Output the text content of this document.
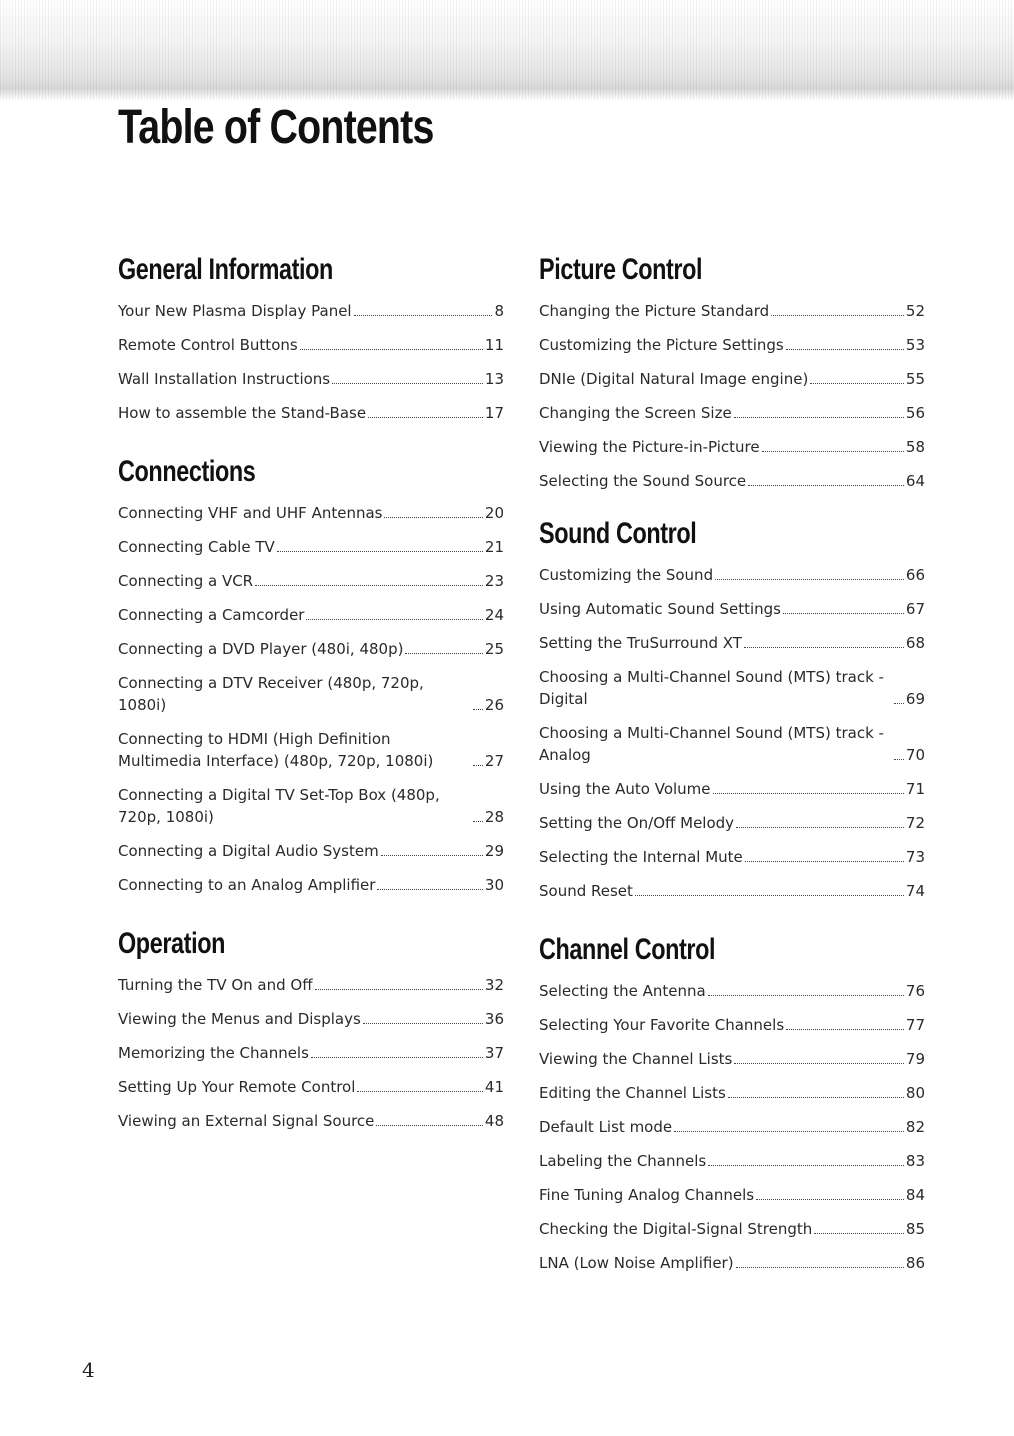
Table of Contents
General Information
Your New Plasma Display Panel	8
Remote Control Buttons	11
Wall Installation Instructions	13
How to assemble the Stand-Base	17
Connections
Connecting VHF and UHF Antennas	20
Connecting Cable TV	21
Connecting a VCR	23
Connecting a Camcorder	24
Connecting a DVD Player (480i, 480p)	25
Connecting a DTV Receiver (480p, 720p, 1080i)	26
Connecting to HDMI (High Definition Multimedia Interface) (480p, 720p, 1080i)	27
Connecting a Digital TV Set-Top Box (480p, 720p, 1080i)	28
Connecting a Digital Audio System	29
Connecting to an Analog Amplifier	30
Operation
Turning the TV On and Off	32
Viewing the Menus and Displays	36
Memorizing the Channels	37
Setting Up Your Remote Control	41
Viewing an External Signal Source	48
Picture Control
Changing the Picture Standard	52
Customizing the Picture Settings	53
DNIe (Digital Natural Image engine)	55
Changing the Screen Size	56
Viewing the Picture-in-Picture	58
Selecting the Sound Source	64
Sound Control
Customizing the Sound	66
Using Automatic Sound Settings	67
Setting the TruSurround XT	68
Choosing a Multi-Channel Sound (MTS) track - Digital	69
Choosing a Multi-Channel Sound (MTS) track - Analog	70
Using the Auto Volume	71
Setting the On/Off Melody	72
Selecting the Internal Mute	73
Sound Reset	74
Channel Control
Selecting the Antenna	76
Selecting Your Favorite Channels	77
Viewing the Channel Lists	79
Editing the Channel Lists	80
Default List mode	82
Labeling the Channels	83
Fine Tuning Analog Channels	84
Checking the Digital-Signal Strength	85
LNA (Low Noise Amplifier)	86
4
